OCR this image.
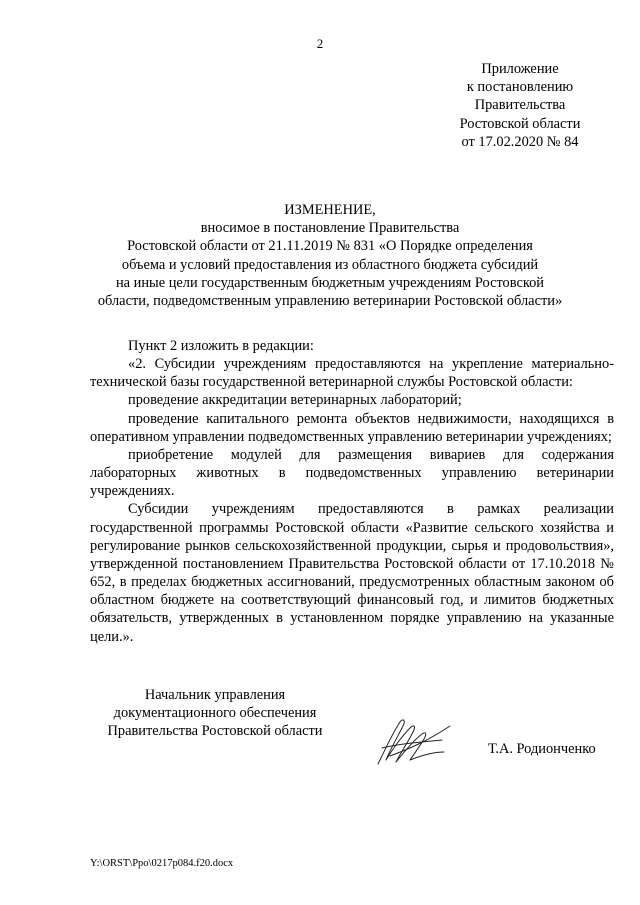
2
Приложение
к постановлению
Правительства
Ростовской области
от 17.02.2020 № 84
ИЗМЕНЕНИЕ,
вносимое в постановление Правительства
Ростовской области от 21.11.2019 № 831 «О Порядке определения
объема и условий предоставления из областного бюджета субсидий
на иные цели государственным бюджетным учреждениям Ростовской
области, подведомственным управлению ветеринарии Ростовской области»

Пункт 2 изложить в редакции:

«2. Субсидии учреждениям предоставляются на укрепление материально-технической базы государственной ветеринарной службы Ростовской области:

проведение аккредитации ветеринарных лабораторий;

проведение капитального ремонта объектов недвижимости, находящихся в оперативном управлении подведомственных управлению ветеринарии учреждениях;

приобретение модулей для размещения вивариев для содержания лабораторных животных в подведомственных управлению ветеринарии учреждениях.

Субсидии учреждениям предоставляются в рамках реализации государственной программы Ростовской области «Развитие сельского хозяйства и регулирование рынков сельскохозяйственной продукции, сырья и продовольствия», утвержденной постановлением Правительства Ростовской области от 17.10.2018 № 652, в пределах бюджетных ассигнований, предусмотренных областным законом об областном бюджете на соответствующий финансовый год, и лимитов бюджетных обязательств, утвержденных в установленном порядке управлению на указанные цели.».

Начальник управления
документационного обеспечения
Правительства Ростовской области
Т.А. Родионченко
Y:\ORST\Ppo\0217p084.f20.docx
